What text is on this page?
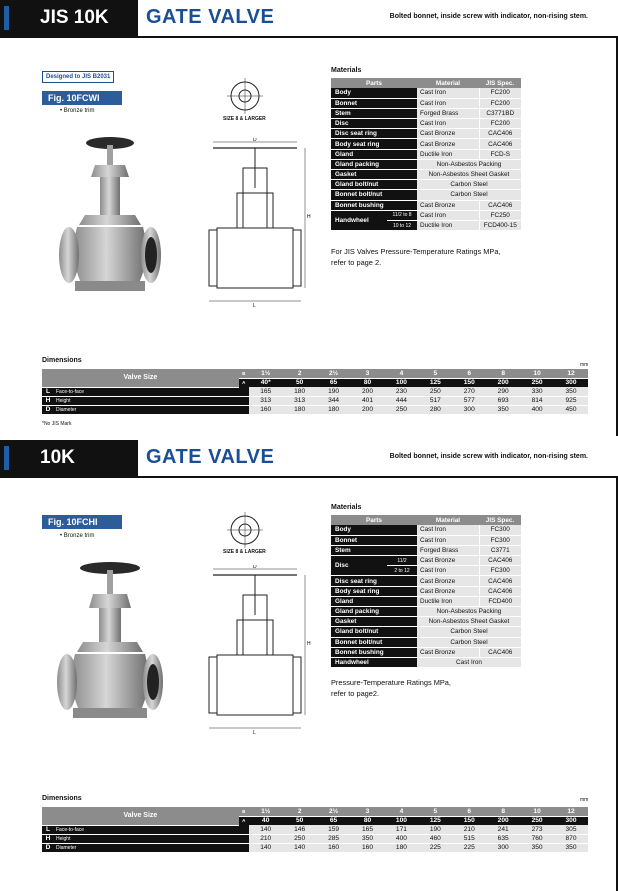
JIS 10K	GATE VALVE	Bolted bonnet, inside screw with indicator, non-rising stem.
Designed to JIS B2031
Fig. 10FCWI
• Bronze trim
SIZE 8 & LARGER
D
H
L
Materials
Parts		Material	JIS Spec.
Body		Cast Iron	FC200
Bonnet		Cast Iron	FC200
Stem		Forged Brass	C3771BD
Disc		Cast Iron	FC200
Disc seat ring		Cast Bronze	CAC406
Body seat ring		Cast Bronze	CAC406
Gland		Ductile Iron	FCD-S
Gland packing		Non-Asbestos Packing	
Gasket		Non-Asbestos Sheet Gasket	
Gland bolt/nut		Carbon Steel	
Bonnet bolt/nut		Carbon Steel	
Bonnet bushing		Cast Bronze	CAC406
Handwheel	11/2 to 8	Cast Iron	FC250
	10 to 12	Ductile Iron	FCD400-15
For JIS Valves Pressure-Temperature Ratings MPa,
refer to page 2.
Dimensions
mm
Valve Size		B	1½	2	2½	3	4	5	6	8	10	12
		A	40*	50	65	80	100	125	150	200	250	300
L	Face-to-face		165	180	190	200	230	250	270	290	330	350
H	Height		313	313	344	401	444	517	577	693	814	925
D	Diameter		160	180	180	200	250	280	300	350	400	450
*No JIS Mark
10K	GATE VALVE	Bolted bonnet, inside screw with indicator, non-rising stem.
Fig. 10FCHI
• Bronze trim
SIZE 8 & LARGER
D
H
L
Materials
Parts		Material	JIS Spec.
Body		Cast Iron	FC300
Bonnet		Cast Iron	FC300
Stem		Forged Brass	C3771
Disc	11/2	Cast Bronze	CAC406
	2 to 12	Cast Iron	FC300
Disc seat ring		Cast Bronze	CAC406
Body seat ring		Cast Bronze	CAC406
Gland		Ductile Iron	FCD400
Gland packing		Non-Asbestos Packing	
Gasket		Non-Asbestos Sheet Gasket	
Gland bolt/nut		Carbon Steel	
Bonnet bolt/nut		Carbon Steel	
Bonnet bushing		Cast Bronze	CAC406
Handwheel		Cast Iron	
Pressure-Temperature Ratings MPa,
refer to page2.
Dimensions	mm
Valve Size		B	1½	2	2½	3	4	5	6	8	10	12
		A	40	50	65	80	100	125	150	200	250	300
L	Face-to-face		140	146	159	165	171	190	210	241	273	305
H	Height		210	250	285	350	400	460	515	635	760	870
D	Diameter		140	140	160	160	180	225	225	300	350	350
